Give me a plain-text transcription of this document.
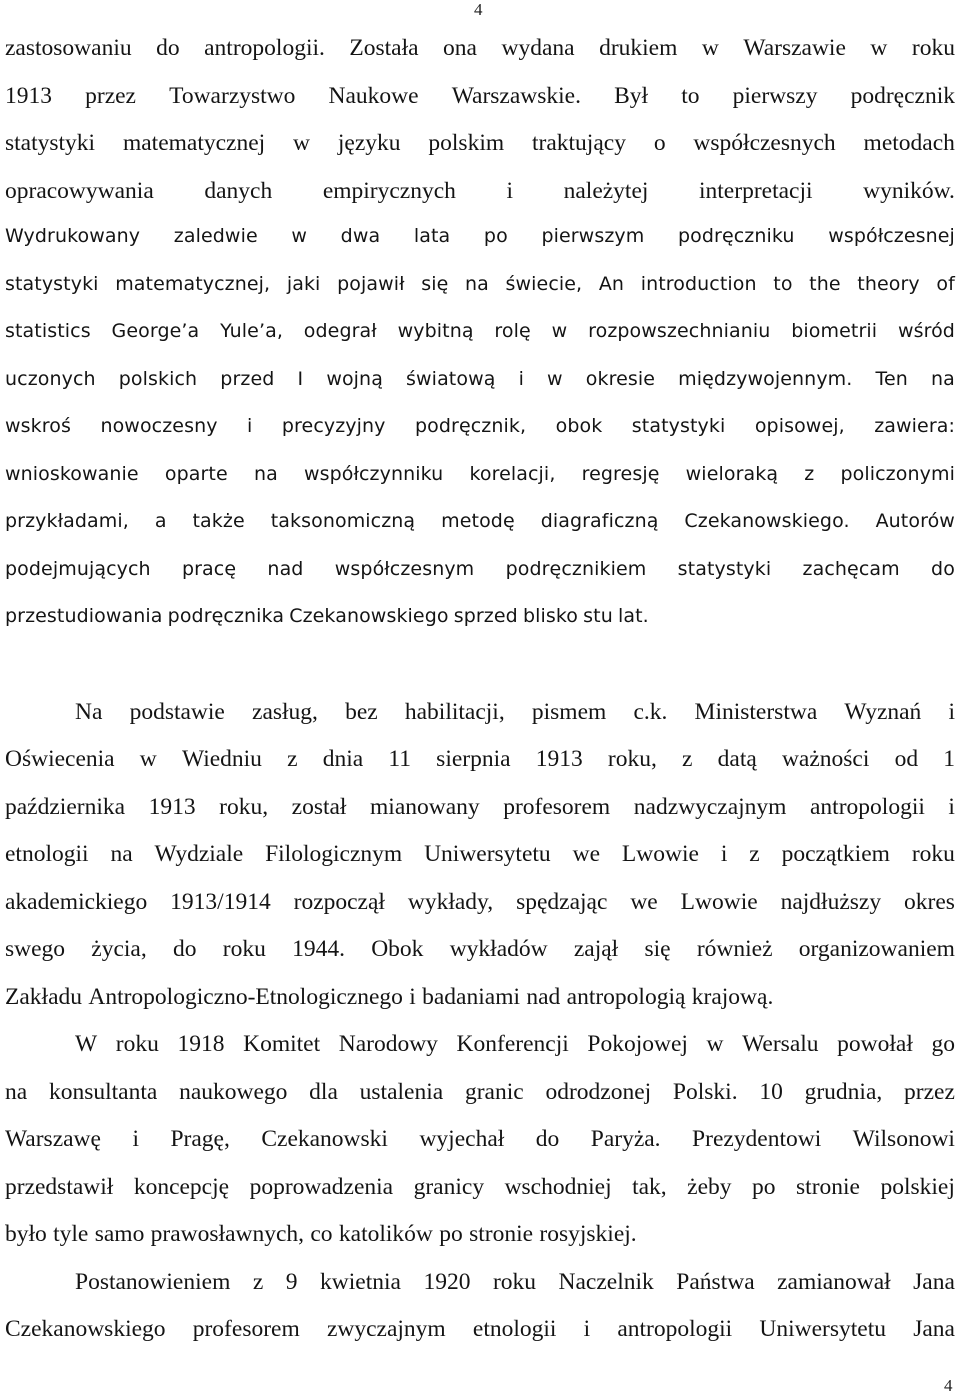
4
zastosowaniu do antropologii. Została ona wydana drukiem w Warszawie w roku
1913 przez Towarzystwo Naukowe Warszawskie. Był to pierwszy podręcznik
statystyki matematycznej w języku polskim traktujący o współczesnych metodach
opracowywania danych empirycznych i należytej interpretacji wyników.
Wydrukowany zaledwie w dwa lata po pierwszym podręczniku współczesnej
statystyki matematycznej, jaki pojawił się na świecie, An introduction to the theory of
statistics George’a Yule’a, odegrał wybitną rolę w rozpowszechnianiu biometrii wśród
uczonych polskich przed I wojną światową i w okresie międzywojennym. Ten na
wskroś nowoczesny i precyzyjny podręcznik, obok statystyki opisowej, zawiera:
wnioskowanie oparte na współczynniku korelacji, regresję wieloraką z policzonymi
przykładami, a także taksonomiczną metodę diagraficzną Czekanowskiego. Autorów
podejmujących pracę nad współczesnym podręcznikiem statystyki zachęcam do
przestudiowania podręcznika Czekanowskiego sprzed blisko stu lat.
Na podstawie zasług, bez habilitacji, pismem c.k. Ministerstwa Wyznań i
Oświecenia w Wiedniu z dnia 11 sierpnia 1913 roku, z datą ważności od 1
października 1913 roku, został mianowany profesorem nadzwyczajnym antropologii i
etnologii na Wydziale Filologicznym Uniwersytetu we Lwowie i z początkiem roku
akademickiego 1913/1914 rozpoczął wykłady, spędzając we Lwowie najdłuższy okres
swego życia, do roku 1944. Obok wykładów zajął się również organizowaniem
Zakładu Antropologiczno-Etnologicznego i badaniami nad antropologią krajową.
W roku 1918 Komitet Narodowy Konferencji Pokojowej w Wersalu powołał go
na konsultanta naukowego dla ustalenia granic odrodzonej Polski. 10 grudnia, przez
Warszawę i Pragę, Czekanowski wyjechał do Paryża. Prezydentowi Wilsonowi
przedstawił koncepcję poprowadzenia granicy wschodniej tak, żeby po stronie polskiej
było tyle samo prawosławnych, co katolików po stronie rosyjskiej.
Postanowieniem z 9 kwietnia 1920 roku Naczelnik Państwa zamianował Jana
Czekanowskiego profesorem zwyczajnym etnologii i antropologii Uniwersytetu Jana
4
